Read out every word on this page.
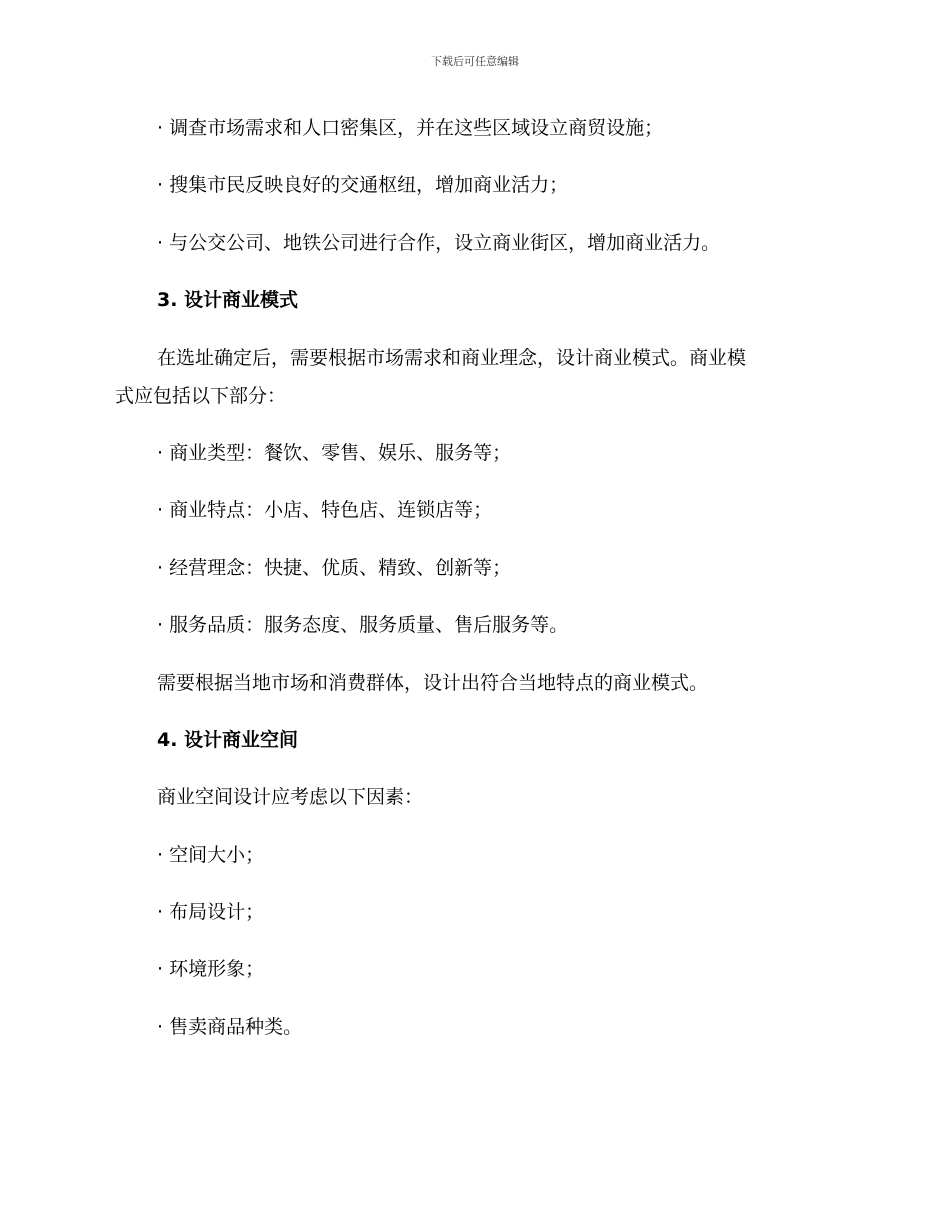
下载后可任意编辑
· 调查市场需求和人口密集区，并在这些区域设立商贸设施；
· 搜集市民反映良好的交通枢纽，增加商业活力；
· 与公交公司、地铁公司进行合作，设立商业街区，增加商业活力。
3. 设计商业模式
在选址确定后，需要根据市场需求和商业理念，设计商业模式。商业模
式应包括以下部分：
· 商业类型：餐饮、零售、娱乐、服务等；
· 商业特点：小店、特色店、连锁店等；
· 经营理念：快捷、优质、精致、创新等；
· 服务品质：服务态度、服务质量、售后服务等。
需要根据当地市场和消费群体，设计出符合当地特点的商业模式。
4. 设计商业空间
商业空间设计应考虑以下因素：
· 空间大小；
· 布局设计；
· 环境形象；
· 售卖商品种类。
